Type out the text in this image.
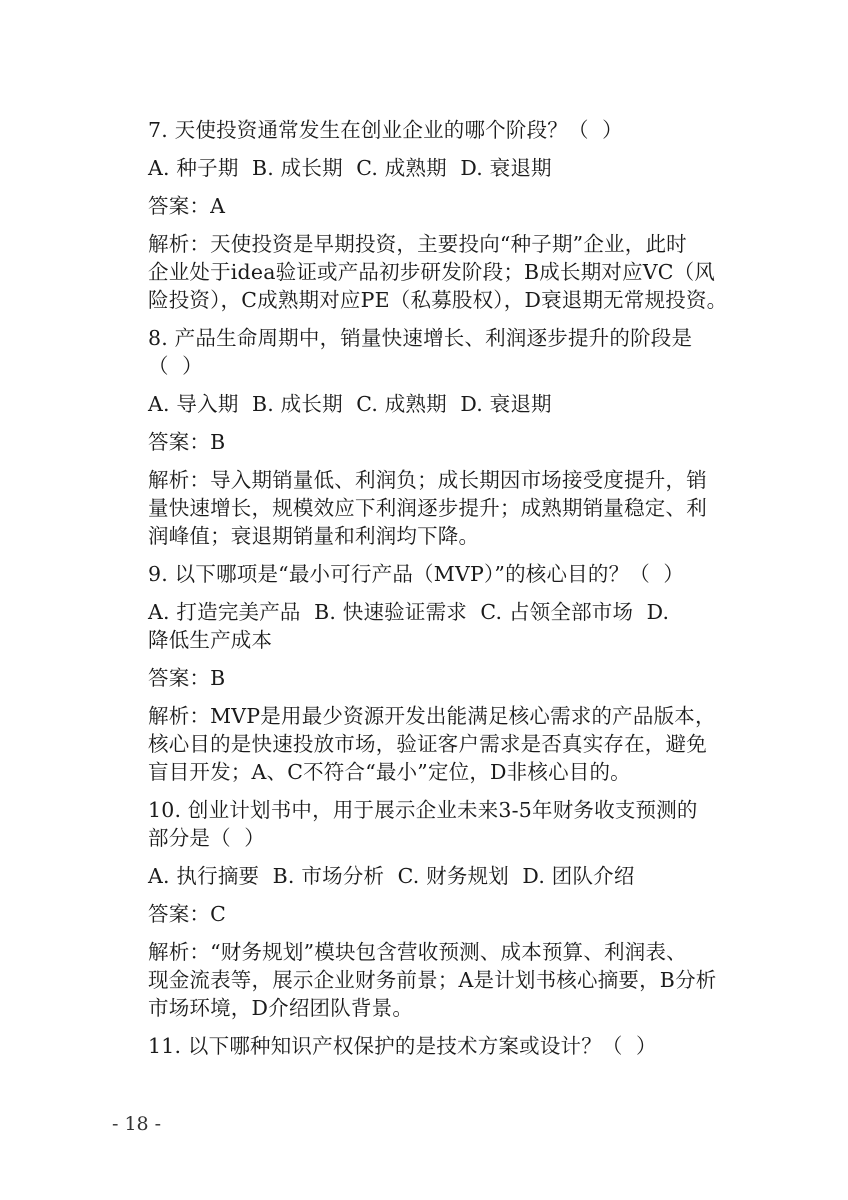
7. 天使投资通常发生在创业企业的哪个阶段？（  ）
A. 种子期  B. 成长期  C. 成熟期  D. 衰退期
答案：A
解析：天使投资是早期投资，主要投向“种子期”企业，此时
企业处于idea验证或产品初步研发阶段；B成长期对应VC（风
险投资），C成熟期对应PE（私募股权），D衰退期无常规投资。
8. 产品生命周期中，销量快速增长、利润逐步提升的阶段是
（  ）
A. 导入期  B. 成长期  C. 成熟期  D. 衰退期
答案：B
解析：导入期销量低、利润负；成长期因市场接受度提升，销
量快速增长，规模效应下利润逐步提升；成熟期销量稳定、利
润峰值；衰退期销量和利润均下降。
9. 以下哪项是“最小可行产品（MVP）”的核心目的？（  ）
A. 打造完美产品  B. 快速验证需求  C. 占领全部市场  D.
降低生产成本
答案：B
解析：MVP是用最少资源开发出能满足核心需求的产品版本，
核心目的是快速投放市场，验证客户需求是否真实存在，避免
盲目开发；A、C不符合“最小”定位，D非核心目的。
10. 创业计划书中，用于展示企业未来3-5年财务收支预测的
部分是（  ）
A. 执行摘要  B. 市场分析  C. 财务规划  D. 团队介绍
答案：C
解析：“财务规划”模块包含营收预测、成本预算、利润表、
现金流表等，展示企业财务前景；A是计划书核心摘要，B分析
市场环境，D介绍团队背景。
11. 以下哪种知识产权保护的是技术方案或设计？（  ）
- 18 -
